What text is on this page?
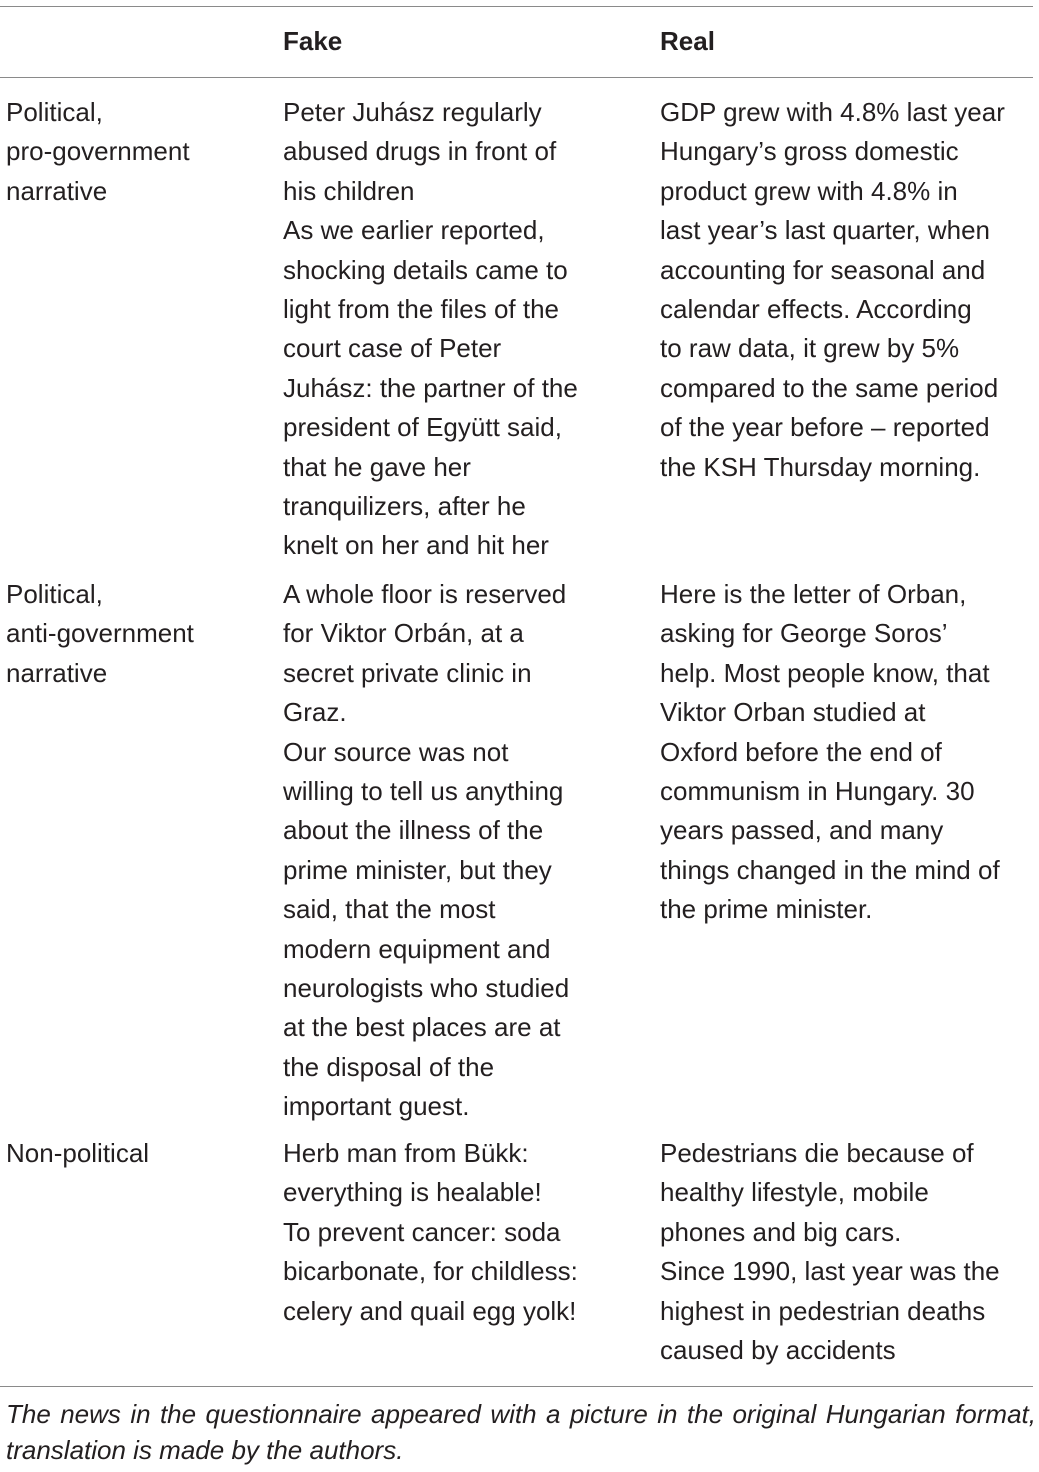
Fake	Real

Political,
pro-government
narrative

Peter Juhász regularly
abused drugs in front of
his children
As we earlier reported,
shocking details came to
light from the files of the
court case of Peter
Juhász: the partner of the
president of Együtt said,
that he gave her
tranquilizers, after he
knelt on her and hit her

GDP grew with 4.8% last year
Hungary’s gross domestic
product grew with 4.8% in
last year’s last quarter, when
accounting for seasonal and
calendar effects. According
to raw data, it grew by 5%
compared to the same period
of the year before – reported
the KSH Thursday morning.

Political,
anti-government
narrative

A whole floor is reserved
for Viktor Orbán, at a
secret private clinic in
Graz.
Our source was not
willing to tell us anything
about the illness of the
prime minister, but they
said, that the most
modern equipment and
neurologists who studied
at the best places are at
the disposal of the
important guest.

Here is the letter of Orban,
asking for George Soros’
help. Most people know, that
Viktor Orban studied at
Oxford before the end of
communism in Hungary. 30
years passed, and many
things changed in the mind of
the prime minister.

Non-political	Herb man from Bükk:
everything is healable!
To prevent cancer: soda
bicarbonate, for childless:
celery and quail egg yolk!

Pedestrians die because of
healthy lifestyle, mobile
phones and big cars.
Since 1990, last year was the
highest in pedestrian deaths
caused by accidents

The news in the questionnaire appeared with a picture in the original Hungarian format, translation is made by the authors.
